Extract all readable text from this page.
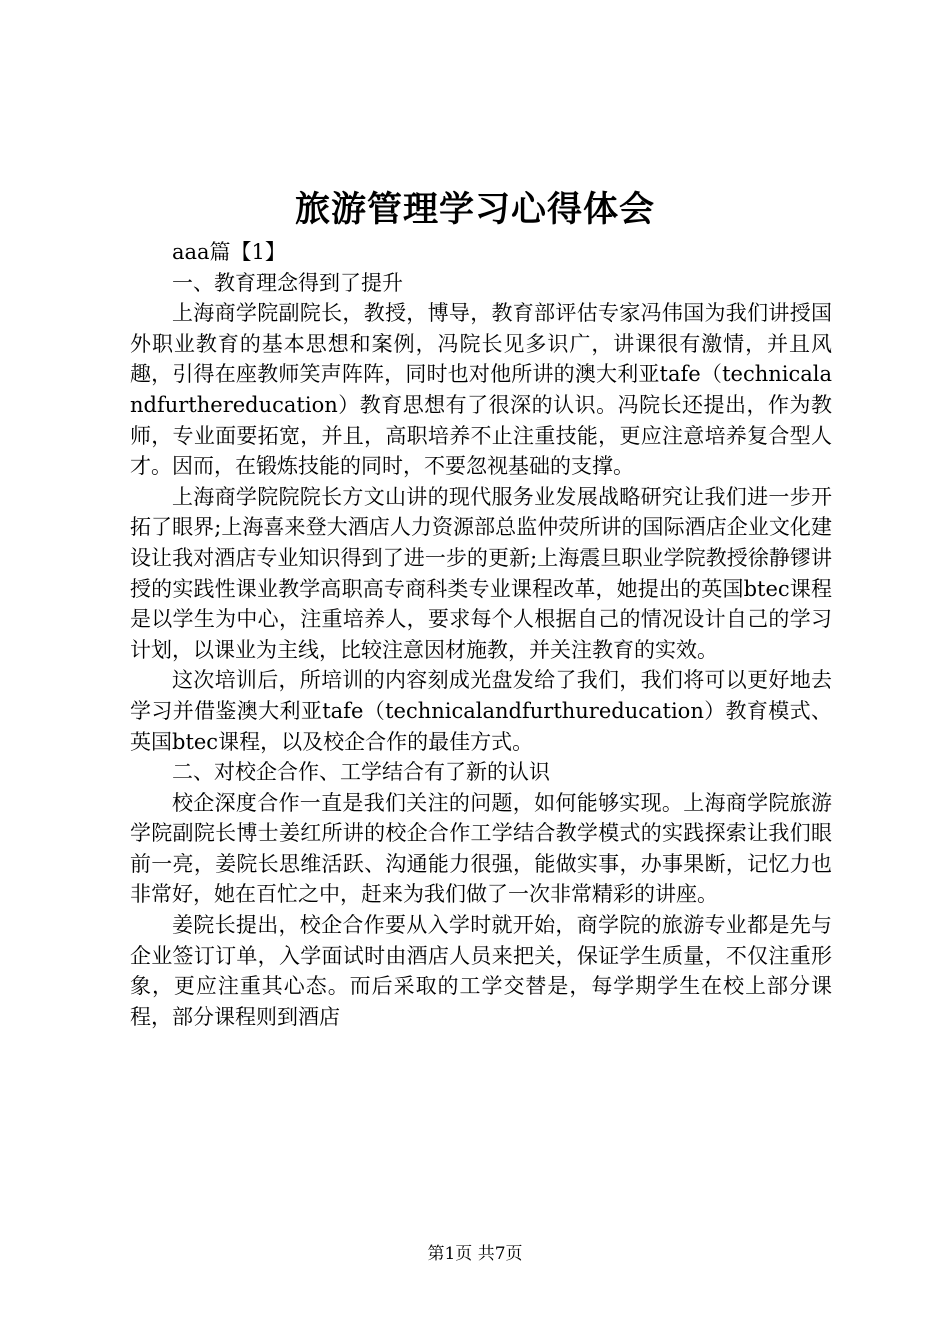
旅游管理学习心得体会

aaa篇【1】

一、教育理念得到了提升

上海商学院副院长，教授，博导，教育部评估专家冯伟国为我们讲授国外职业教育的基本思想和案例，冯院长见多识广，讲课很有激情，并且风趣，引得在座教师笑声阵阵，同时也对他所讲的澳大利亚tafe（technicalandfurthereducation）教育思想有了很深的认识。冯院长还提出，作为教师，专业面要拓宽，并且，高职培养不止注重技能，更应注意培养复合型人才。因而，在锻炼技能的同时，不要忽视基础的支撑。

上海商学院院院长方文山讲的现代服务业发展战略研究让我们进一步开拓了眼界;上海喜来登大酒店人力资源部总监仲荧所讲的国际酒店企业文化建设让我对酒店专业知识得到了进一步的更新;上海震旦职业学院教授徐静镠讲授的实践性课业教学高职高专商科类专业课程改革，她提出的英国btec课程是以学生为中心，注重培养人，要求每个人根据自己的情况设计自己的学习计划，以课业为主线，比较注意因材施教，并关注教育的实效。

这次培训后，所培训的内容刻成光盘发给了我们，我们将可以更好地去学习并借鉴澳大利亚tafe（technicalandfurthureducation）教育模式、英国btec课程，以及校企合作的最佳方式。

二、对校企合作、工学结合有了新的认识

校企深度合作一直是我们关注的问题，如何能够实现。上海商学院旅游学院副院长博士姜红所讲的校企合作工学结合教学模式的实践探索让我们眼前一亮，姜院长思维活跃、沟通能力很强，能做实事，办事果断，记忆力也非常好，她在百忙之中，赶来为我们做了一次非常精彩的讲座。

姜院长提出，校企合作要从入学时就开始，商学院的旅游专业都是先与企业签订订单，入学面试时由酒店人员来把关，保证学生质量，不仅注重形象，更应注重其心态。而后采取的工学交替是，每学期学生在校上部分课程，部分课程则到酒店

第1页 共7页
